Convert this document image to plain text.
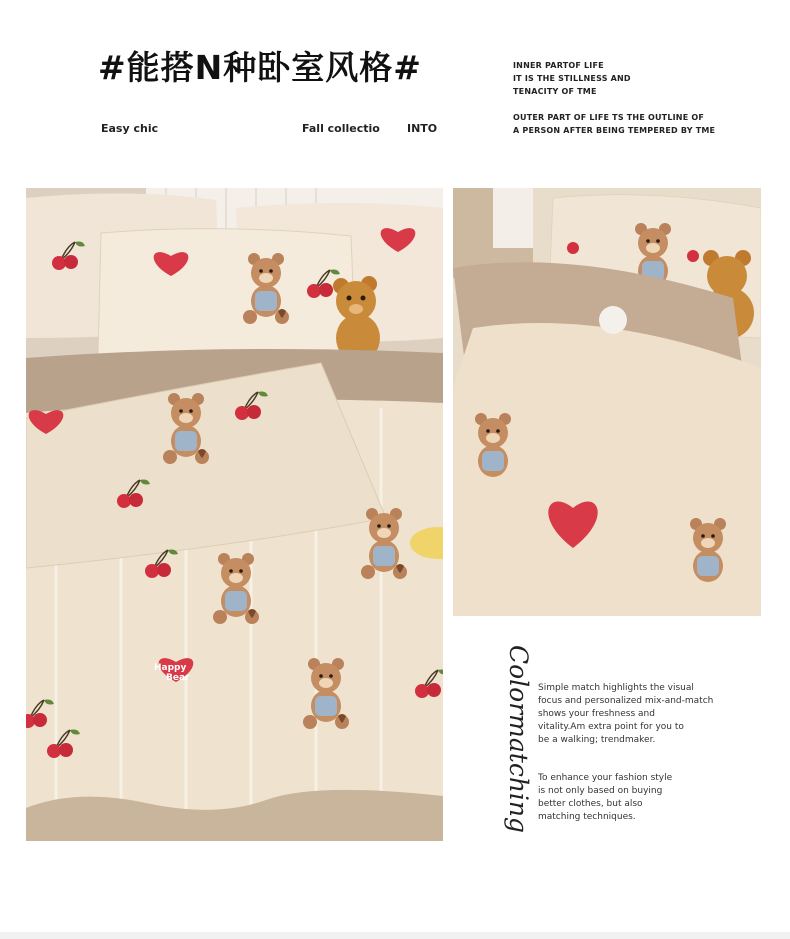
#能搭N种卧室风格#
Easy chic	Fall collectio INTO
INNER PARTOF LIFE
IT IS THE STILLNESS AND
TENACITY OF TME
OUTER PART OF LIFE TS THE OUTLINE OF
A PERSON AFTER BEING TEMPERED BY TME
Happy
Bear	Colormatching Simple match highlights the visual
focus and personalized mix-and-match
shows your freshness and
vitality.Am extra point for you to
be a walking; trendmaker.
To enhance your fashion style
is not only based on buying
better clothes, but also
matching techniques.
